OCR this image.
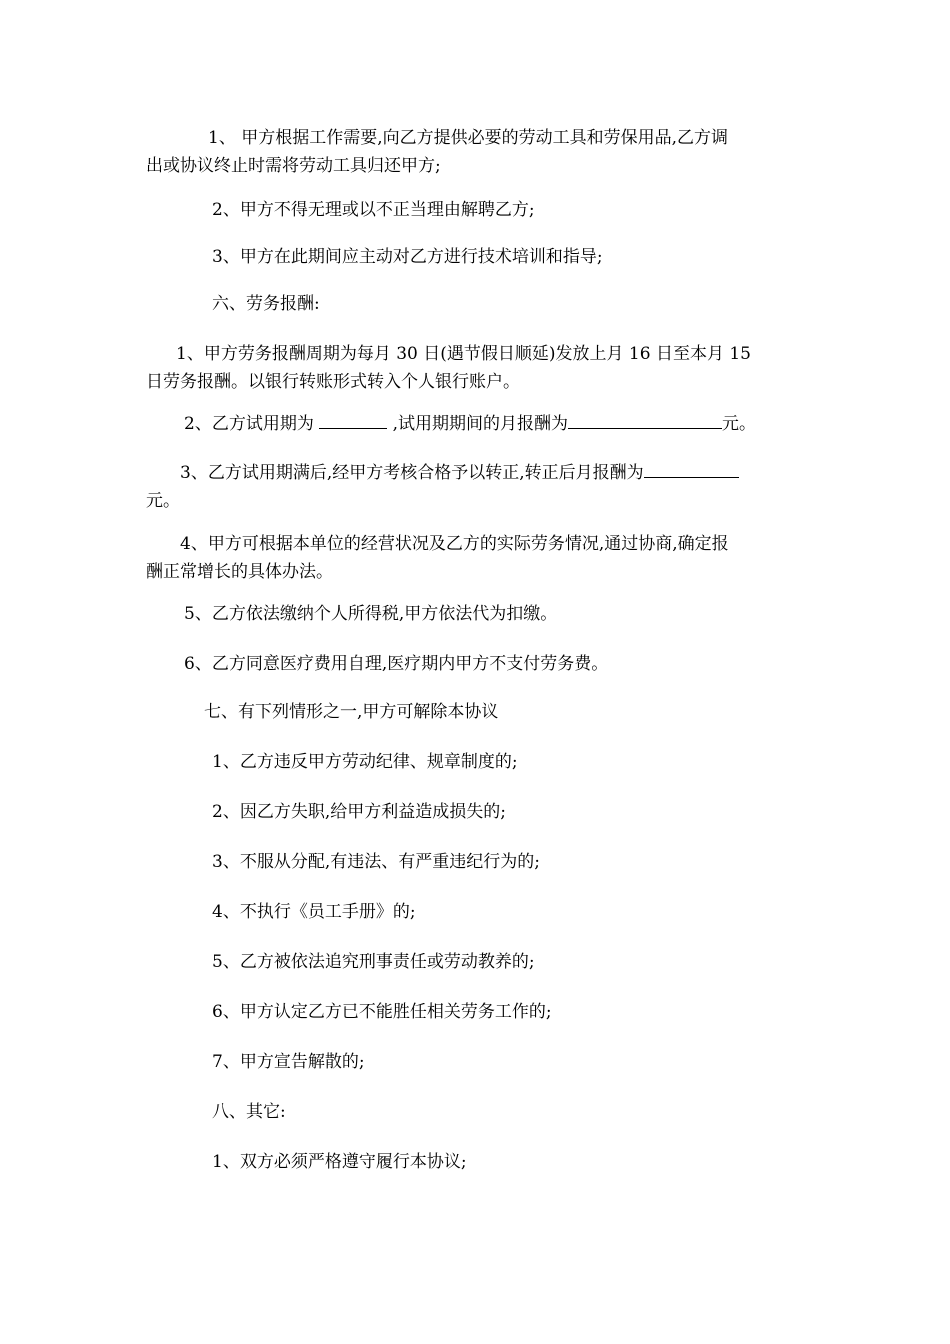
1、 甲方根据工作需要,向乙方提供必要的劳动工具和劳保用品,乙方调
出或协议终止时需将劳动工具归还甲方;

2、甲方不得无理或以不正当理由解聘乙方;

3、甲方在此期间应主动对乙方进行技术培训和指导;

六、劳务报酬:

1、甲方劳务报酬周期为每月 30 日(遇节假日顺延)发放上月 16 日至本月 15
日劳务报酬。以银行转账形式转入个人银行账户。

2、乙方试用期为	,试用期期间的月报酬为	元。

3、乙方试用期满后,经甲方考核合格予以转正,转正后月报酬为
元。

4、甲方可根据本单位的经营状况及乙方的实际劳务情况,通过协商,确定报
酬正常增长的具体办法。

5、乙方依法缴纳个人所得税,甲方依法代为扣缴。

6、乙方同意医疗费用自理,医疗期内甲方不支付劳务费。

七、有下列情形之一,甲方可解除本协议

1、乙方违反甲方劳动纪律、规章制度的;

2、因乙方失职,给甲方利益造成损失的;

3、不服从分配,有违法、有严重违纪行为的;

4、不执行《员工手册》的;

5、乙方被依法追究刑事责任或劳动教养的;

6、甲方认定乙方已不能胜任相关劳务工作的;

7、甲方宣告解散的;

八、其它:

1、双方必须严格遵守履行本协议;
